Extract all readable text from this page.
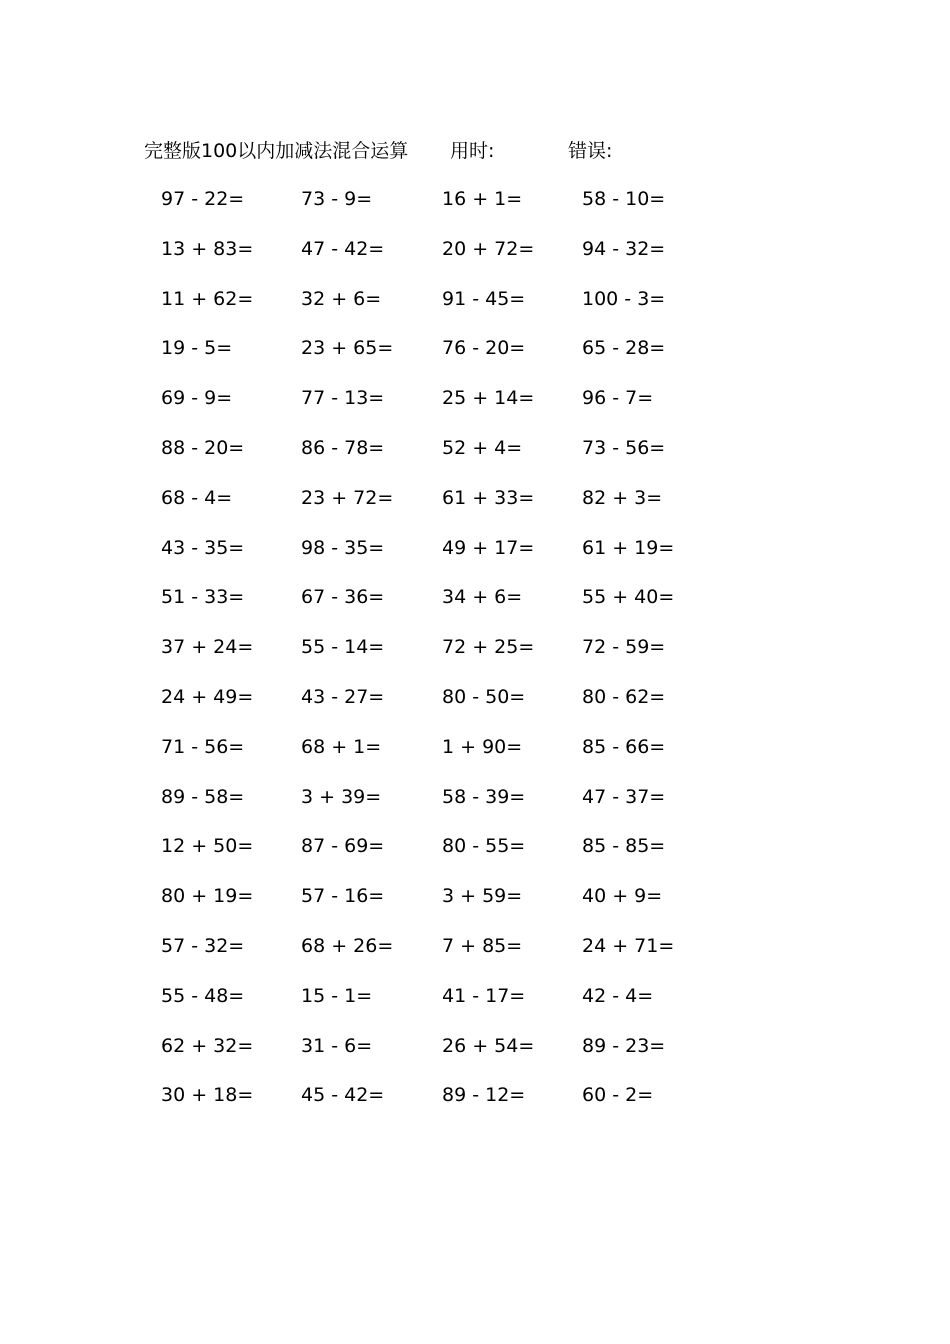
完整版100以内加减法混合运算 用时:	错误:
97 - 22=	73 - 9=	16 + 1=	58 - 10=
13 + 83=	47 - 42=	20 + 72=	94 - 32=
11 + 62=	32 + 6=	91 - 45=	100 - 3=
19 - 5=	23 + 65=	76 - 20=	65 - 28=
69 - 9=	77 - 13=	25 + 14=	96 - 7=
88 - 20=	86 - 78=	52 + 4=	73 - 56=
68 - 4=	23 + 72=	61 + 33=	82 + 3=
43 - 35=	98 - 35=	49 + 17=	61 + 19=
51 - 33=	67 - 36=	34 + 6=	55 + 40=
37 + 24=	55 - 14=	72 + 25=	72 - 59=
24 + 49=	43 - 27=	80 - 50=	80 - 62=
71 - 56=	68 + 1=	1 + 90=	85 - 66=
89 - 58=	3 + 39=	58 - 39=	47 - 37=
12 + 50=	87 - 69=	80 - 55=	85 - 85=
80 + 19=	57 - 16=	3 + 59=	40 + 9=
57 - 32=	68 + 26=	7 + 85=	24 + 71=
55 - 48=	15 - 1=	41 - 17=	42 - 4=
62 + 32=	31 - 6=	26 + 54=	89 - 23=
30 + 18=	45 - 42=	89 - 12=	60 - 2=
